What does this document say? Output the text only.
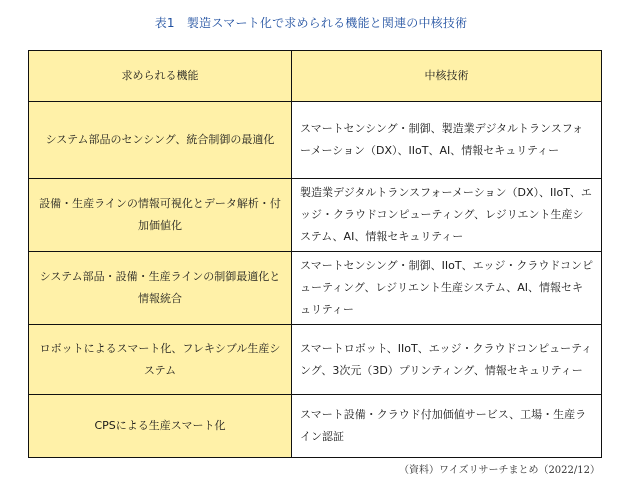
表1　製造スマート化で求められる機能と関連の中核技術
求められる機能	中核技術
システム部品のセンシング、統合制御の最適化	スマートセンシング・制御、製造業デジタルトランスフォーメーション（DX）、IIoT、AI、情報セキュリティー
設備・生産ラインの情報可視化とデータ解析・付加価値化	製造業デジタルトランスフォーメーション（DX）、IIoT、エッジ・クラウドコンピューティング、レジリエント生産システム、AI、情報セキュリティー
システム部品・設備・生産ラインの制御最適化と情報統合	スマートセンシング・制御、IIoT、エッジ・クラウドコンピューティング、レジリエント生産システム、AI、情報セキュリティー
ロボットによるスマート化、フレキシブル生産システム	スマートロボット、IIoT、エッジ・クラウドコンピューティング、3次元（3D）プリンティング、情報セキュリティー
CPSによる生産スマート化	スマート設備・クラウド付加価値サービス、工場・生産ライン認証
（資料）ワイズリサーチまとめ（2022/12）
